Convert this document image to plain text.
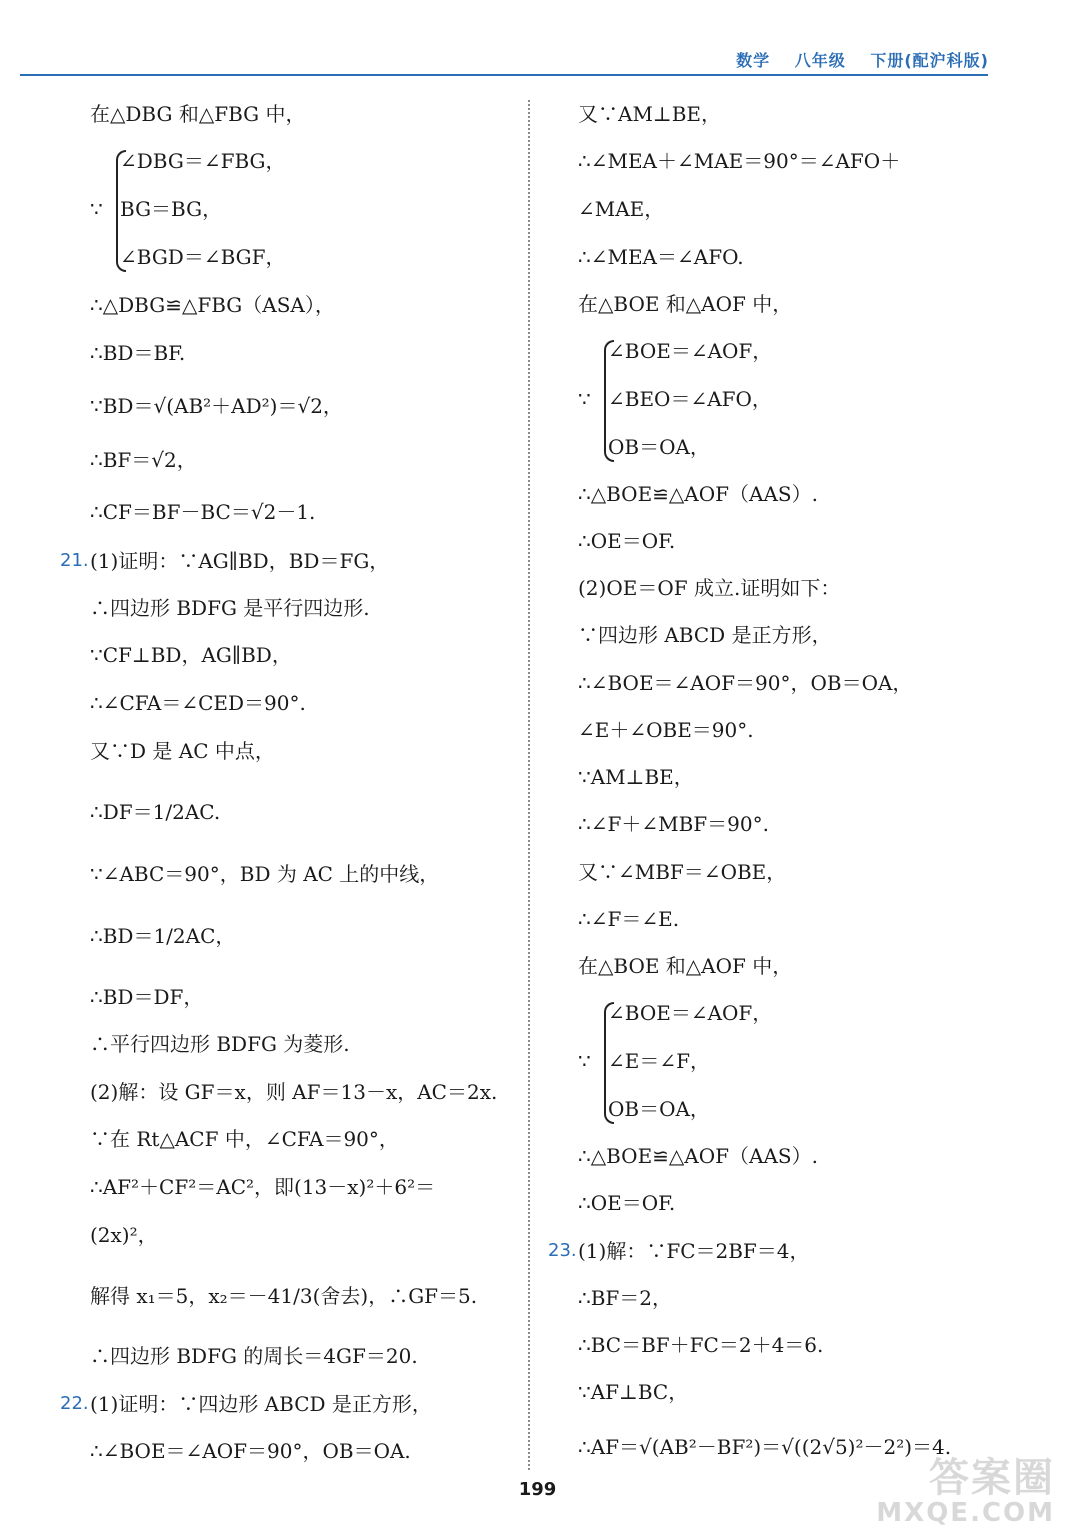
数学 八年级 下册(配沪科版)
在△DBG 和△FBG 中，
∠DBG＝∠FBG，
∵ BG＝BG，
∠BGD＝∠BGF，
∴△DBG≌△FBG（ASA），
∴BD＝BF.
∵BD＝√(AB²＋AD²)＝√2，
∴BF＝√2，
∴CF＝BF－BC＝√2－1.
21. (1)证明：∵AG∥BD，BD＝FG，
∴四边形 BDFG 是平行四边形.
∵CF⊥BD，AG∥BD，
∴∠CFA＝∠CED＝90°.
又∵D 是 AC 中点，
∴DF＝1/2AC.
∵∠ABC＝90°，BD 为 AC 上的中线，
∴BD＝1/2AC，
∴BD＝DF，
∴平行四边形 BDFG 为菱形.
(2)解：设 GF＝x，则 AF＝13－x，AC＝2x.
∵在 Rt△ACF 中，∠CFA＝90°，
∴AF²＋CF²＝AC²，即(13－x)²＋6²＝
(2x)²，
解得 x₁＝5，x₂＝－41/3(舍去)，∴GF＝5.
∴四边形 BDFG 的周长＝4GF＝20.
22. (1)证明：∵四边形 ABCD 是正方形，
∴∠BOE＝∠AOF＝90°，OB＝OA.
又∵AM⊥BE，
∴∠MEA＋∠MAE＝90°＝∠AFO＋
∠MAE，
∴∠MEA＝∠AFO.
在△BOE 和△AOF 中，
∠BOE＝∠AOF，
∵ ∠BEO＝∠AFO，
OB＝OA，
∴△BOE≌△AOF（AAS）.
∴OE＝OF.
(2)OE＝OF 成立.证明如下：
∵四边形 ABCD 是正方形，
∴∠BOE＝∠AOF＝90°，OB＝OA，
∠E＋∠OBE＝90°.
∵AM⊥BE，
∴∠F＋∠MBF＝90°.
又∵∠MBF＝∠OBE，
∴∠F＝∠E.
在△BOE 和△AOF 中，
∠BOE＝∠AOF，
∵ ∠E＝∠F，
OB＝OA，
∴△BOE≌△AOF（AAS）.
∴OE＝OF.
23. (1)解：∵FC＝2BF＝4，
∴BF＝2，
∴BC＝BF＋FC＝2＋4＝6.
∵AF⊥BC，
∴AF＝√(AB²－BF²)＝√((2√5)²－2²)＝4.
199	答案圈
MXQE.COM
